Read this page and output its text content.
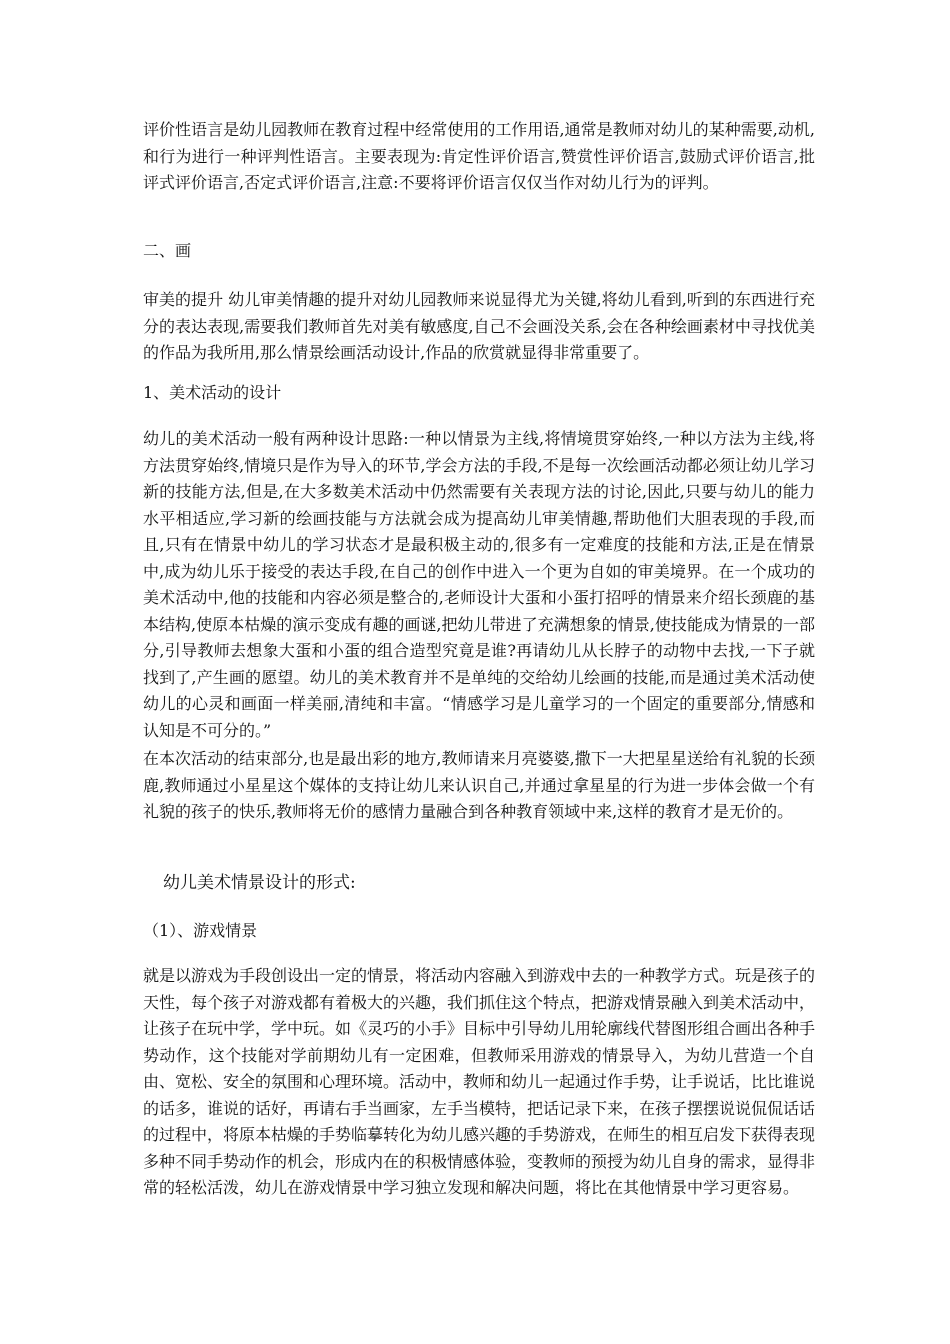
评价性语言是幼儿园教师在教育过程中经常使用的工作用语,通常是教师对幼儿的某种需要,动机,和行为进行一种评判性语言。主要表现为:肯定性评价语言,赞赏性评价语言,鼓励式评价语言,批评式评价语言,否定式评价语言,注意:不要将评价语言仅仅当作对幼儿行为的评判。

二、画

审美的提升 幼儿审美情趣的提升对幼儿园教师来说显得尤为关键,将幼儿看到,听到的东西进行充分的表达表现,需要我们教师首先对美有敏感度,自己不会画没关系,会在各种绘画素材中寻找优美的作品为我所用,那么情景绘画活动设计,作品的欣赏就显得非常重要了。

1、美术活动的设计

幼儿的美术活动一般有两种设计思路:一种以情景为主线,将情境贯穿始终,一种以方法为主线,将方法贯穿始终,情境只是作为导入的环节,学会方法的手段,不是每一次绘画活动都必须让幼儿学习新的技能方法,但是,在大多数美术活动中仍然需要有关表现方法的讨论,因此,只要与幼儿的能力水平相适应,学习新的绘画技能与方法就会成为提高幼儿审美情趣,帮助他们大胆表现的手段,而且,只有在情景中幼儿的学习状态才是最积极主动的,很多有一定难度的技能和方法,正是在情景中,成为幼儿乐于接受的表达手段,在自己的创作中进入一个更为自如的审美境界。在一个成功的美术活动中,他的技能和内容必须是整合的,老师设计大蛋和小蛋打招呼的情景来介绍长颈鹿的基本结构,使原本枯燥的演示变成有趣的画谜,把幼儿带进了充满想象的情景,使技能成为情景的一部分,引导教师去想象大蛋和小蛋的组合造型究竟是谁?再请幼儿从长脖子的动物中去找,一下子就找到了,产生画的愿望。幼儿的美术教育并不是单纯的交给幼儿绘画的技能,而是通过美术活动使幼儿的心灵和画面一样美丽,清纯和丰富。“情感学习是儿童学习的一个固定的重要部分,情感和认知是不可分的。”

在本次活动的结束部分,也是最出彩的地方,教师请来月亮婆婆,撒下一大把星星送给有礼貌的长颈鹿,教师通过小星星这个媒体的支持让幼儿来认识自己,并通过拿星星的行为进一步体会做一个有礼貌的孩子的快乐,教师将无价的感情力量融合到各种教育领域中来,这样的教育才是无价的。

幼儿美术情景设计的形式:

（1）、游戏情景

就是以游戏为手段创设出一定的情景，将活动内容融入到游戏中去的一种教学方式。玩是孩子的天性，每个孩子对游戏都有着极大的兴趣，我们抓住这个特点，把游戏情景融入到美术活动中，让孩子在玩中学，学中玩。如《灵巧的小手》目标中引导幼儿用轮廓线代替图形组合画出各种手势动作，这个技能对学前期幼儿有一定困难，但教师采用游戏的情景导入，为幼儿营造一个自由、宽松、安全的氛围和心理环境。活动中，教师和幼儿一起通过作手势，让手说话，比比谁说的话多，谁说的话好，再请右手当画家，左手当模特，把话记录下来，在孩子摆摆说说侃侃话话的过程中，将原本枯燥的手势临摹转化为幼儿感兴趣的手势游戏，在师生的相互启发下获得表现多种不同手势动作的机会，形成内在的积极情感体验，变教师的预授为幼儿自身的需求，显得非常的轻松活泼，幼儿在游戏情景中学习独立发现和解决问题，将比在其他情景中学习更容易。
